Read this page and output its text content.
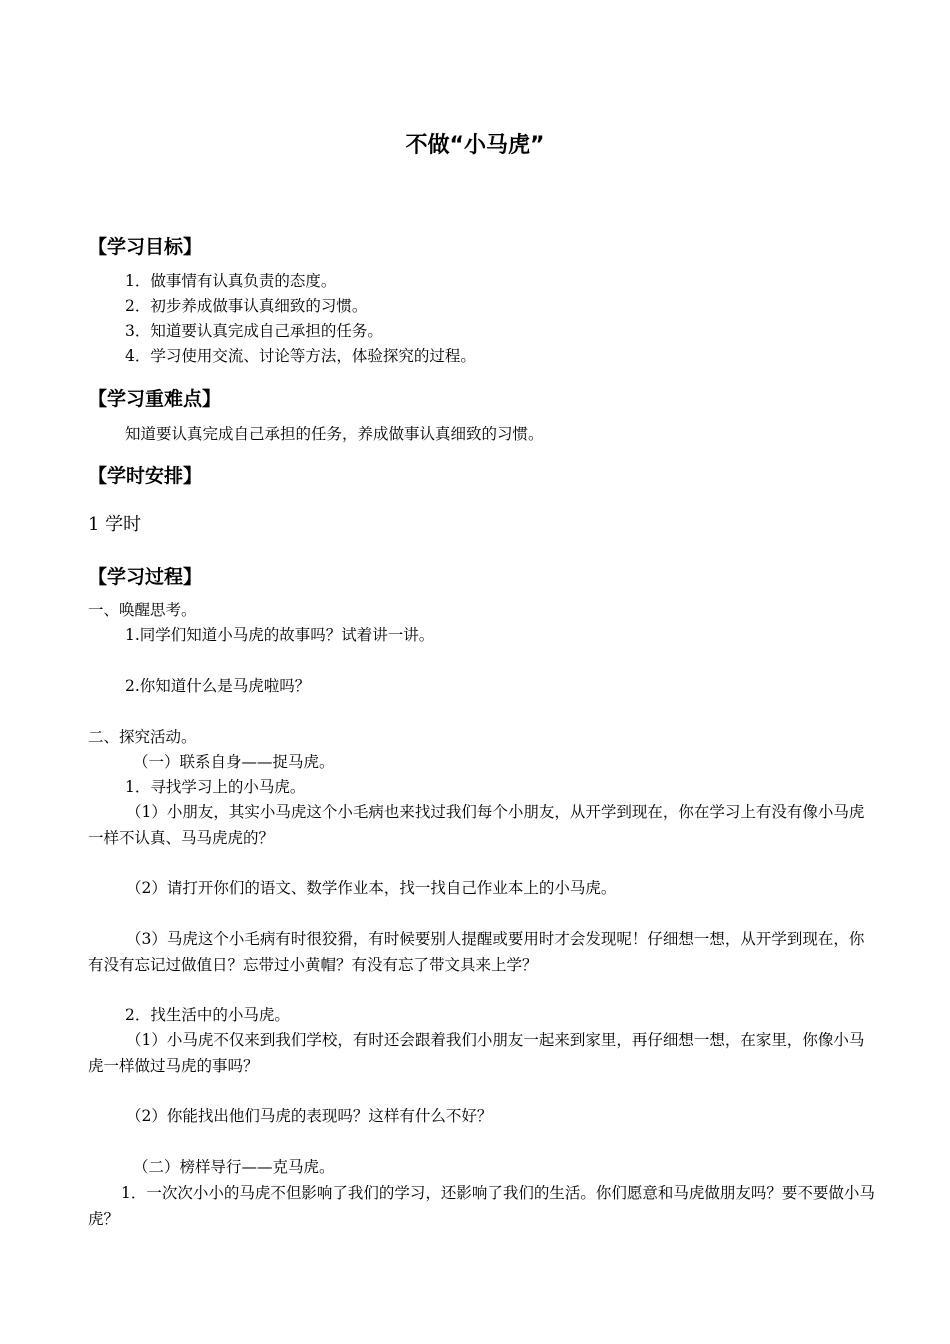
不做“小马虎”
【学习目标】
1．做事情有认真负责的态度。
2．初步养成做事认真细致的习惯。
3．知道要认真完成自己承担的任务。
4．学习使用交流、讨论等方法，体验探究的过程。
【学习重难点】
知道要认真完成自己承担的任务，养成做事认真细致的习惯。
【学时安排】
1 学时
【学习过程】
一、唤醒思考。
1.同学们知道小马虎的故事吗？试着讲一讲。
2.你知道什么是马虎啦吗？
二、探究活动。
（一）联系自身——捉马虎。
1．寻找学习上的小马虎。
（1）小朋友，其实小马虎这个小毛病也来找过我们每个小朋友，从开学到现在，你在学习上有没有像小马虎一样不认真、马马虎虎的？
（2）请打开你们的语文、数学作业本，找一找自己作业本上的小马虎。
（3）马虎这个小毛病有时很狡猾，有时候要别人提醒或要用时才会发现呢！仔细想一想，从开学到现在，你有没有忘记过做值日？忘带过小黄帽？有没有忘了带文具来上学？
2．找生活中的小马虎。
（1）小马虎不仅来到我们学校，有时还会跟着我们小朋友一起来到家里，再仔细想一想，在家里，你像小马虎一样做过马虎的事吗？
（2）你能找出他们马虎的表现吗？这样有什么不好？
（二）榜样导行——克马虎。
1．一次次小小的马虎不但影响了我们的学习，还影响了我们的生活。你们愿意和马虎做朋友吗？要不要做小马虎？
